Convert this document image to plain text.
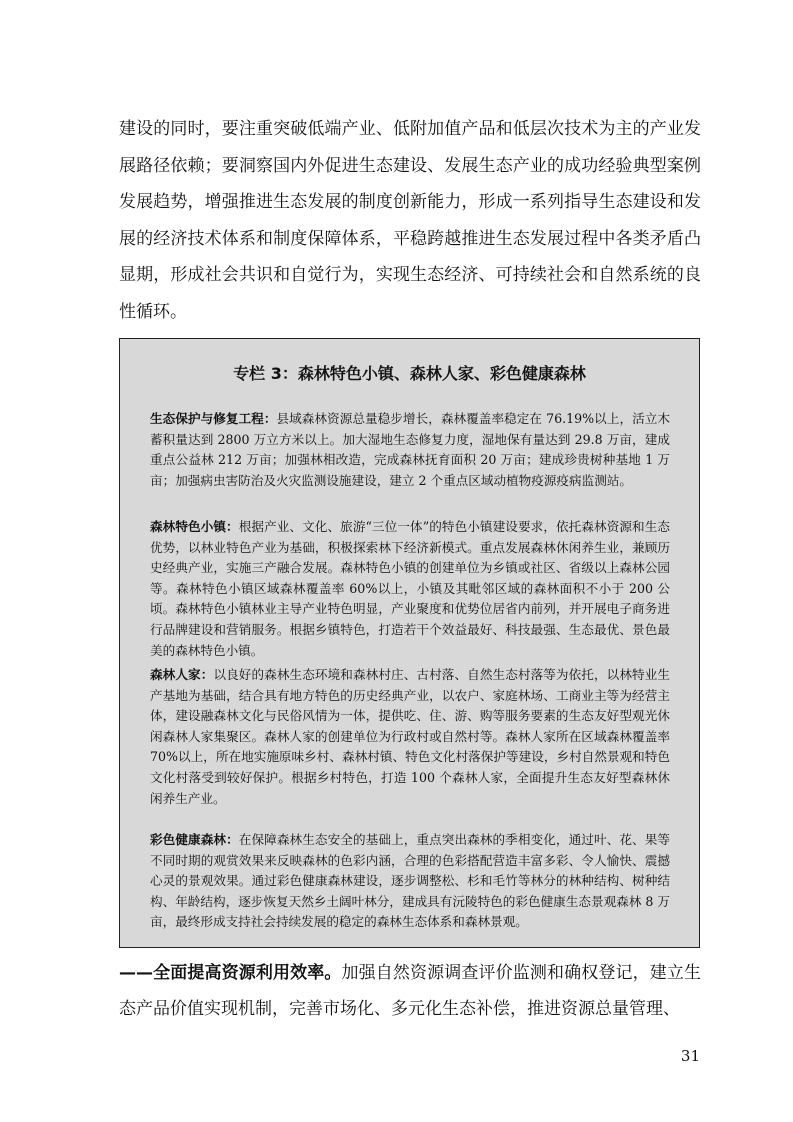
建设的同时，要注重突破低端产业、低附加值产品和低层次技术为主的产业发展路径依赖；要洞察国内外促进生态建设、发展生态产业的成功经验典型案例发展趋势，增强推进生态发展的制度创新能力，形成一系列指导生态建设和发展的经济技术体系和制度保障体系，平稳跨越推进生态发展过程中各类矛盾凸显期，形成社会共识和自觉行为，实现生态经济、可持续社会和自然系统的良性循环。

专栏 3：森林特色小镇、森林人家、彩色健康森林

生态保护与修复工程：县域森林资源总量稳步增长，森林覆盖率稳定在 76.19%以上，活立木蓄积量达到 2800 万立方米以上。加大湿地生态修复力度，湿地保有量达到 29.8 万亩，建成重点公益林 212 万亩；加强林相改造，完成森林抚育面积 20 万亩；建成珍贵树种基地 1 万亩；加强病虫害防治及火灾监测设施建设，建立 2 个重点区域动植物疫源疫病监测站。

森林特色小镇：根据产业、文化、旅游“三位一体”的特色小镇建设要求，依托森林资源和生态优势，以林业特色产业为基础，积极探索林下经济新模式。重点发展森林休闲养生业，兼顾历史经典产业，实施三产融合发展。森林特色小镇的创建单位为乡镇或社区、省级以上森林公园等。森林特色小镇区域森林覆盖率 60%以上，小镇及其毗邻区域的森林面积不小于 200 公顷。森林特色小镇林业主导产业特色明显，产业聚度和优势位居省内前列，并开展电子商务进行品牌建设和营销服务。根据乡镇特色，打造若干个效益最好、科技最强、生态最优、景色最美的森林特色小镇。

森林人家：以良好的森林生态环境和森林村庄、古村落、自然生态村落等为依托，以林特业生产基地为基础，结合具有地方特色的历史经典产业，以农户、家庭林场、工商业主等为经营主体，建设融森林文化与民俗风情为一体，提供吃、住、游、购等服务要素的生态友好型观光休闲森林人家集聚区。森林人家的创建单位为行政村或自然村等。森林人家所在区域森林覆盖率 70%以上，所在地实施原味乡村、森林村镇、特色文化村落保护等建设，乡村自然景观和特色文化村落受到较好保护。根据乡村特色，打造 100 个森林人家，全面提升生态友好型森林休闲养生产业。

彩色健康森林：在保障森林生态安全的基础上，重点突出森林的季相变化，通过叶、花、果等不同时期的观赏效果来反映森林的色彩内涵，合理的色彩搭配营造丰富多彩、令人愉快、震撼心灵的景观效果。通过彩色健康森林建设，逐步调整松、杉和毛竹等林分的林种结构、树种结构、年龄结构，逐步恢复天然乡土阔叶林分，建成具有沅陵特色的彩色健康生态景观森林 8 万亩，最终形成支持社会持续发展的稳定的森林生态体系和森林景观。

——全面提高资源利用效率。加强自然资源调查评价监测和确权登记，建立生态产品价值实现机制，完善市场化、多元化生态补偿，推进资源总量管理、

31
